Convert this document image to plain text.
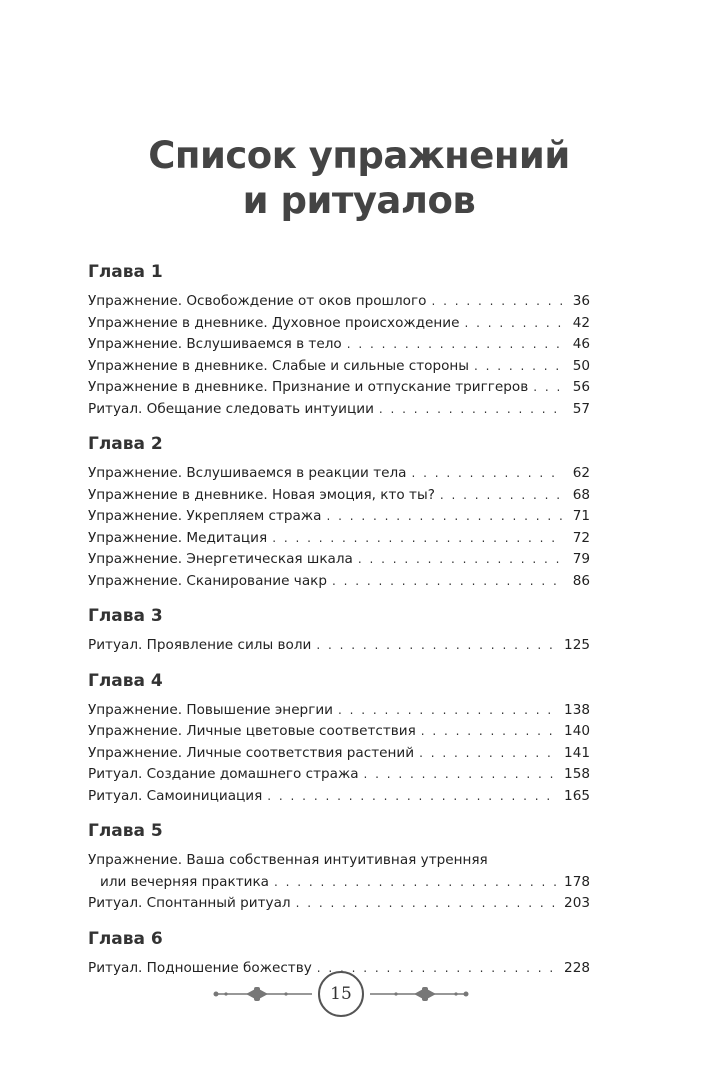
Список упражнений
и ритуалов
Глава 1
Упражнение. Освобождение от оков прошлого . . .	36
Упражнение в дневнике. Духовное происхождение . . .	42
Упражнение. Вслушиваемся в тело . . .	46
Упражнение в дневнике. Слабые и сильные стороны . . .	50
Упражнение в дневнике. Признание и отпускание триггеров . . .	56
Ритуал. Обещание следовать интуиции . . .	57
Глава 2
Упражнение. Вслушиваемся в реакции тела . . .	62
Упражнение в дневнике. Новая эмоция, кто ты? . . .	68
Упражнение. Укрепляем стража . . .	71
Упражнение. Медитация . . .	72
Упражнение. Энергетическая шкала . . .	79
Упражнение. Сканирование чакр . . .	86
Глава 3
Ритуал. Проявление силы воли . . .	125
Глава 4
Упражнение. Повышение энергии . . .	138
Упражнение. Личные цветовые соответствия . . .	140
Упражнение. Личные соответствия растений . . .	141
Ритуал. Создание домашнего стража . . .	158
Ритуал. Самоинициация . . .	165
Глава 5
Упражнение. Ваша собственная интуитивная утренняя
или вечерняя практика . . .	178
Ритуал. Спонтанный ритуал . . .	203
Глава 6
Ритуал. Подношение божеству . . .	228
15
